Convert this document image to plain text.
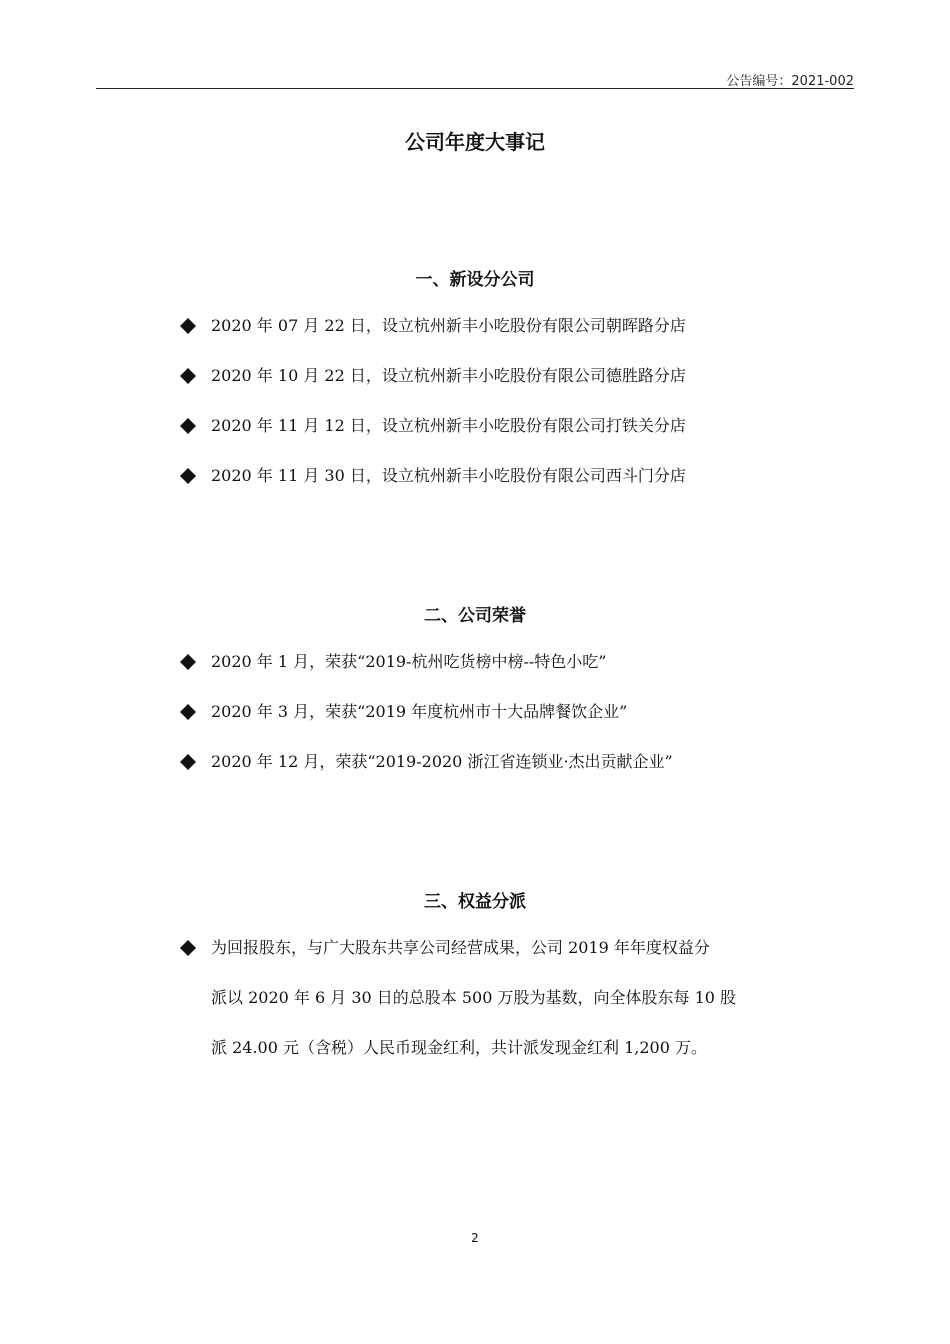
公告编号：2021-002
公司年度大事记
一、新设分公司
2020 年 07 月 22 日，设立杭州新丰小吃股份有限公司朝晖路分店
2020 年 10 月 22 日，设立杭州新丰小吃股份有限公司德胜路分店
2020 年 11 月 12 日，设立杭州新丰小吃股份有限公司打铁关分店
2020 年 11 月 30 日，设立杭州新丰小吃股份有限公司西斗门分店
二、公司荣誉
2020 年 1 月，荣获“2019-杭州吃货榜中榜--特色小吃”
2020 年 3 月，荣获“2019 年度杭州市十大品牌餐饮企业”
2020 年 12 月，荣获“2019-2020 浙江省连锁业·杰出贡献企业”
三、权益分派
为回报股东，与广大股东共享公司经营成果，公司 2019 年年度权益分
派以 2020 年 6 月 30 日的总股本 500 万股为基数，向全体股东每 10 股
派 24.00 元（含税）人民币现金红利，共计派发现金红利 1,200 万。
2
